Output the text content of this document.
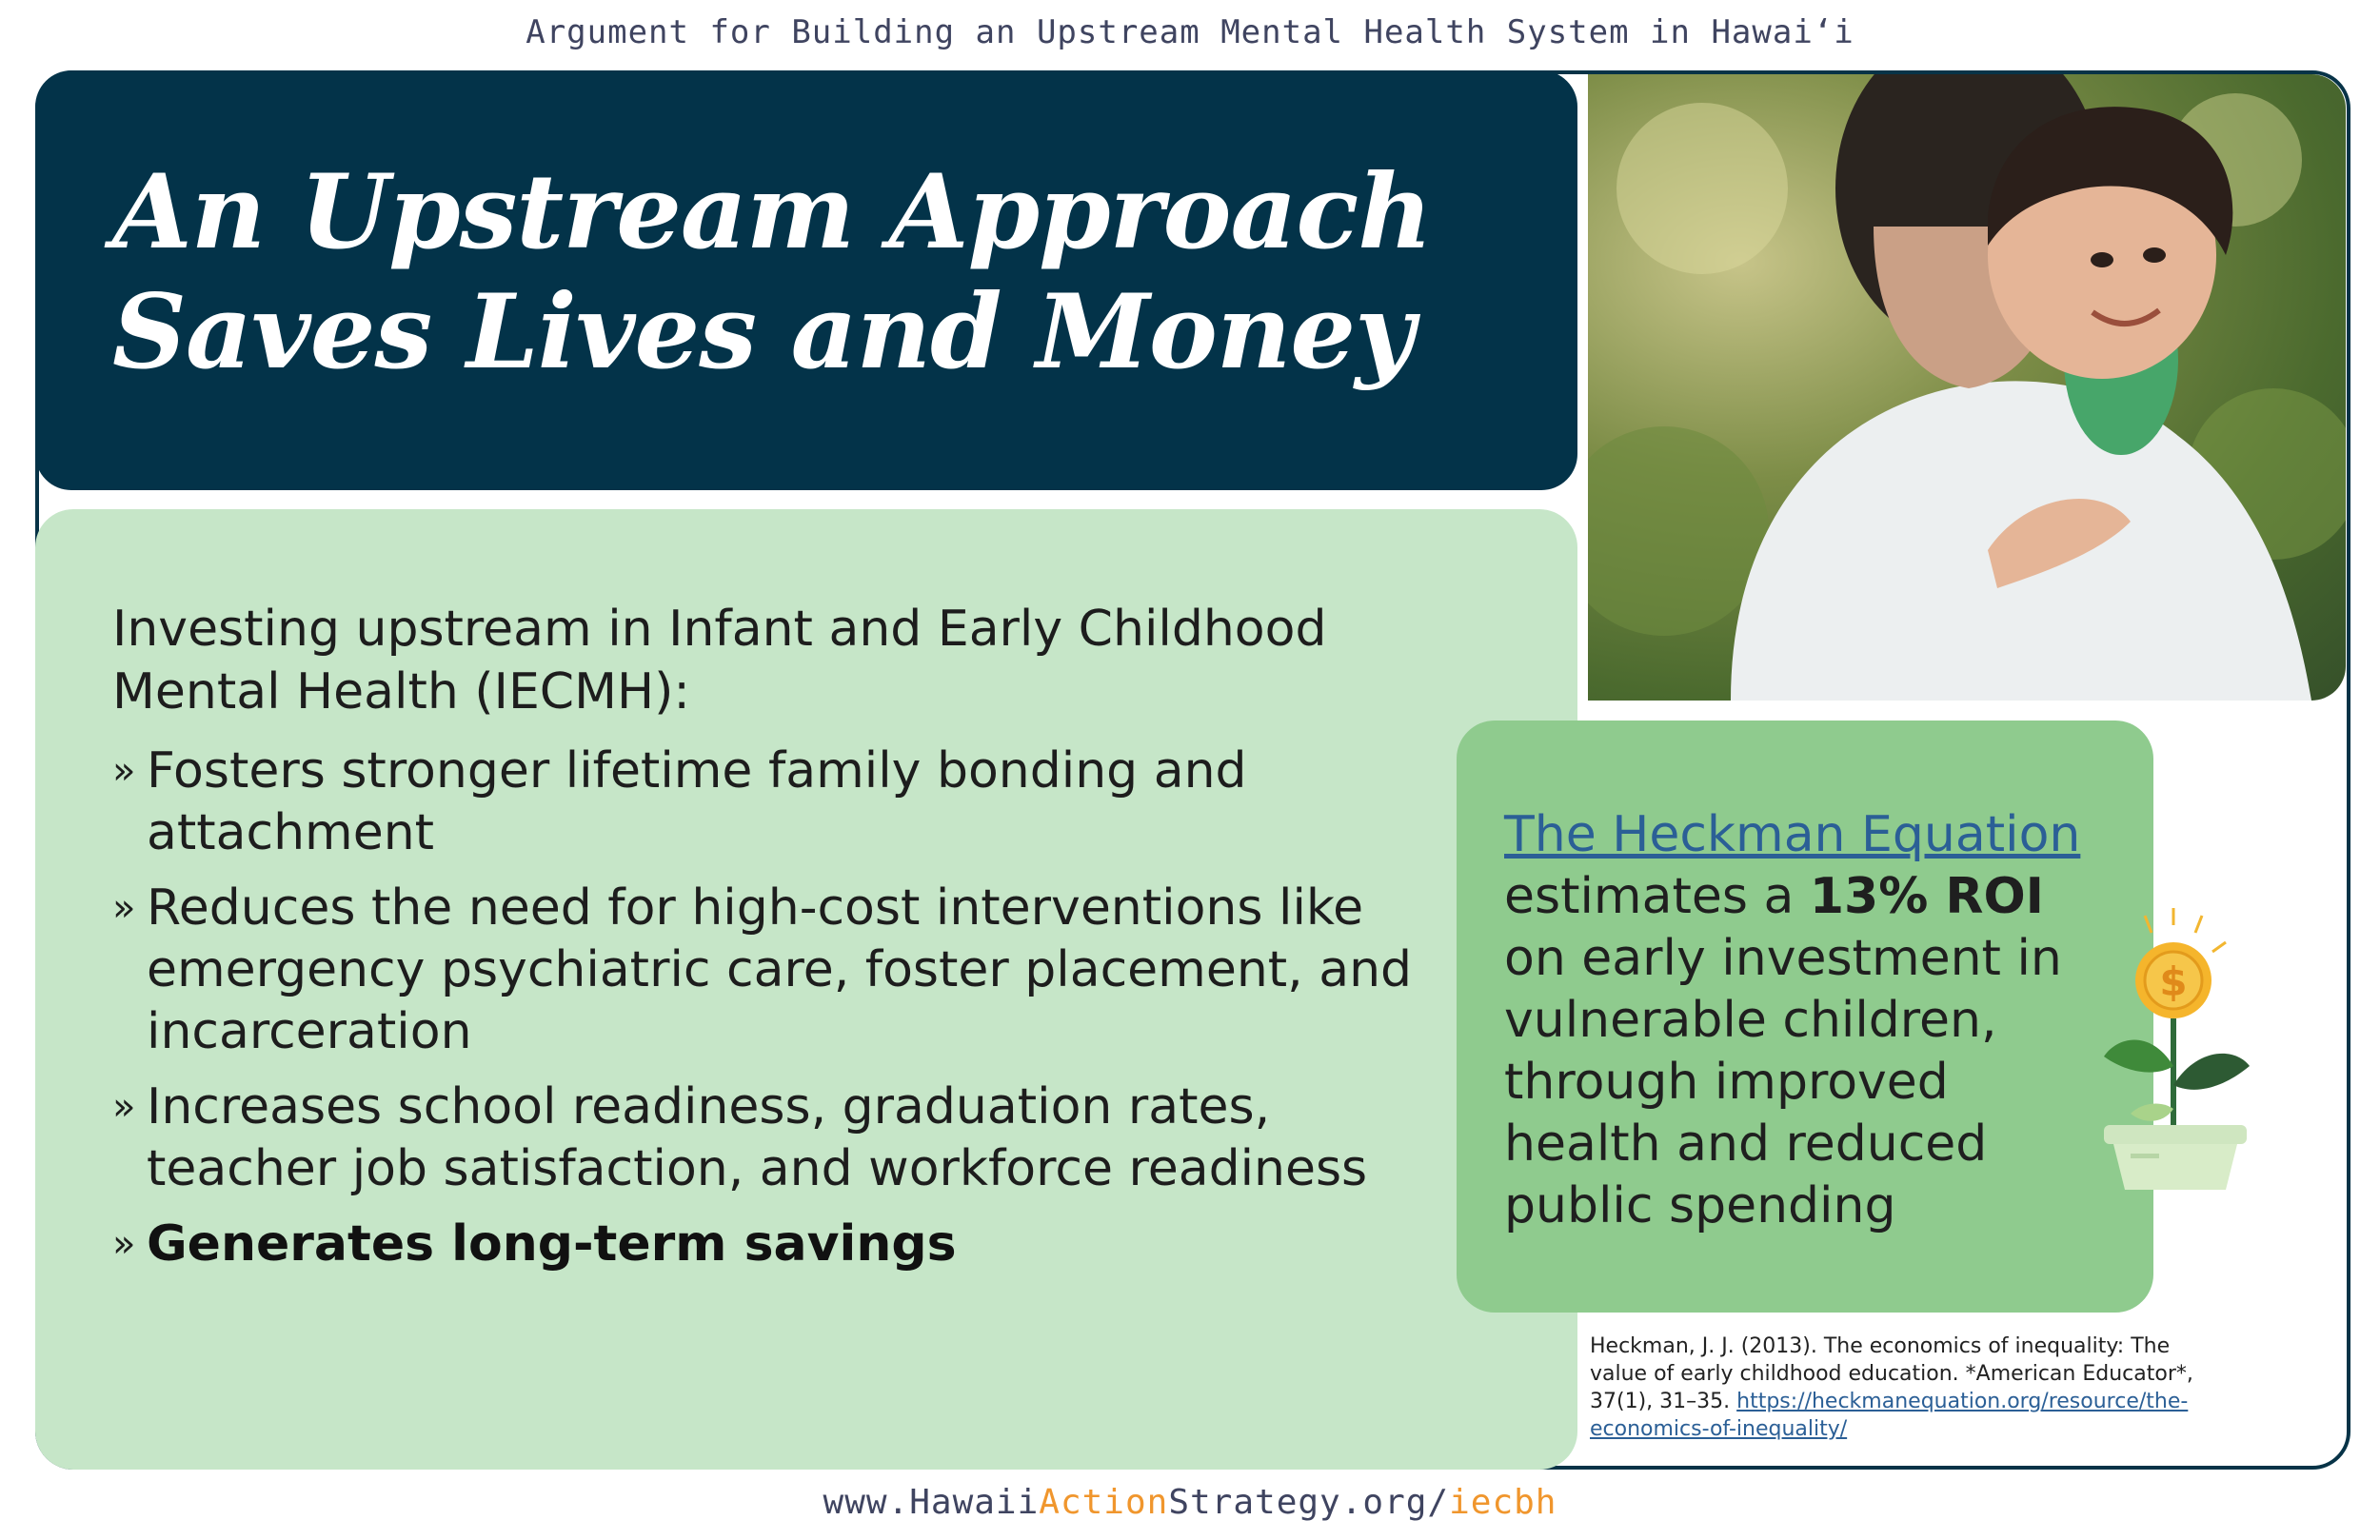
Argument for Building an Upstream Mental Health System in Hawai‘i
An Upstream Approach
Saves Lives and Money

Investing upstream in Infant and Early Childhood Mental Health (IECMH):

» Fosters stronger lifetime family bonding and attachment
» Reduces the need for high-cost interventions like emergency psychiatric care, foster placement, and incarceration
» Increases school readiness, graduation rates, teacher job satisfaction, and workforce readiness
» Generates long-term savings

The Heckman Equation
estimates a 13% ROI on early investment in vulnerable children, through improved health and reduced public spending

$
Heckman, J. J. (2013). The economics of inequality: The value of early childhood education. *American Educator*, 37(1), 31–35. https://heckmanequation.org/resource/the-economics-of-inequality/
www.HawaiiActionStrategy.org/iecbh
